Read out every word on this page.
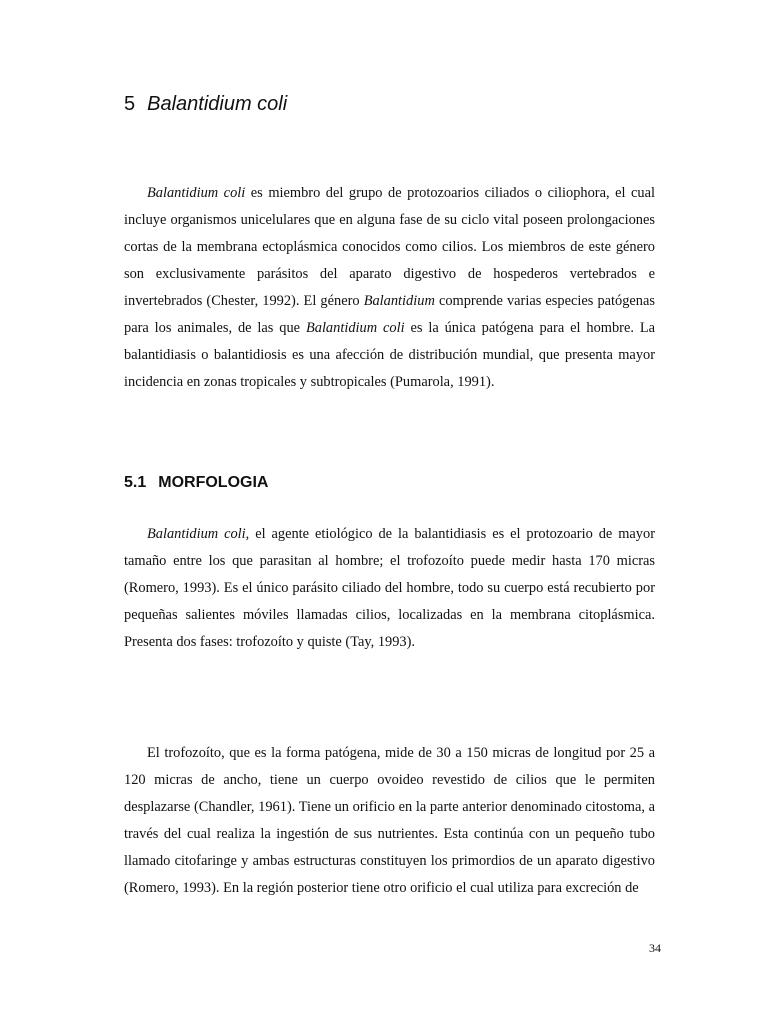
5 Balantidium coli

Balantidium coli es miembro del grupo de protozoarios ciliados o ciliophora, el cual incluye organismos unicelulares que en alguna fase de su ciclo vital poseen prolongaciones cortas de la membrana ectoplásmica conocidos como cilios. Los miembros de este género son exclusivamente parásitos del aparato digestivo de hospederos vertebrados e invertebrados (Chester, 1992). El género Balantidium comprende varias especies patógenas para los animales, de las que Balantidium coli es la única patógena para el hombre. La balantidiasis o balantidiosis es una afección de distribución mundial, que presenta mayor incidencia en zonas tropicales y subtropicales (Pumarola, 1991).

5.1 MORFOLOGIA

Balantidium coli, el agente etiológico de la balantidiasis es el protozoario de mayor tamaño entre los que parasitan al hombre; el trofozoíto puede medir hasta 170 micras (Romero, 1993). Es el único parásito ciliado del hombre, todo su cuerpo está recubierto por pequeñas salientes móviles llamadas cilios, localizadas en la membrana citoplásmica. Presenta dos fases: trofozoíto y quiste (Tay, 1993).

El trofozoíto, que es la forma patógena, mide de 30 a 150 micras de longitud por 25 a 120 micras de ancho, tiene un cuerpo ovoideo revestido de cilios que le permiten desplazarse (Chandler, 1961). Tiene un orificio en la parte anterior denominado citostoma, a través del cual realiza la ingestión de sus nutrientes. Esta continúa con un pequeño tubo llamado citofaringe y ambas estructuras constituyen los primordios de un aparato digestivo (Romero, 1993). En la región posterior tiene otro orificio el cual utiliza para excreción de

34
